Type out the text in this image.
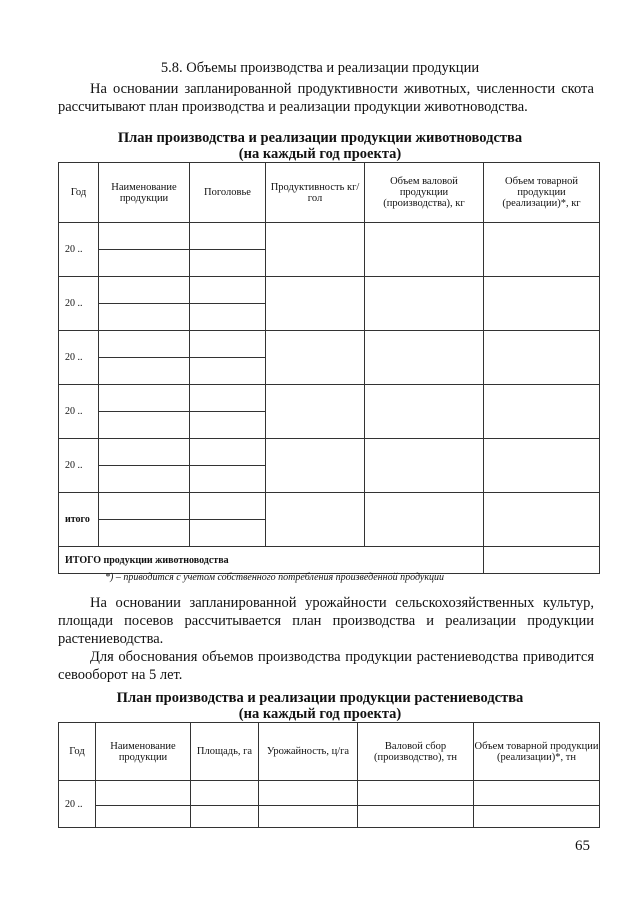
5.8. Объемы производства и реализации продукции
На основании запланированной продуктивности животных, численности скота рассчитывают план производства и реализации продукции животноводства.
План производства и реализации продукции животноводства
(на каждый год проекта)
Год	Наименование продукции	Поголовье	Продуктивность кг/гол	Объем валовой продукции (производства), кг	Объем товарной продукции (реализации)*, кг
20 ..					

20 ..					

20 ..					

20 ..					

20 ..					

итого					

ИТОГО продукции животноводства					
*) – приводится с учетом собственного потребления произведенной продукции
На основании запланированной урожайности сельскохозяйственных культур, площади посевов рассчитывается план производства и реализации продукции растениеводства.
Для обоснования объемов производства продукции растениеводства приводится севооборот на 5 лет.
План производства и реализации продукции растениеводства
(на каждый год проекта)
Год	Наименование продукции	Площадь, га	Урожайность, ц/га	Валовой сбор (производство), тн	Объем товарной продукции (реализации)*, тн
20 ..					

65
